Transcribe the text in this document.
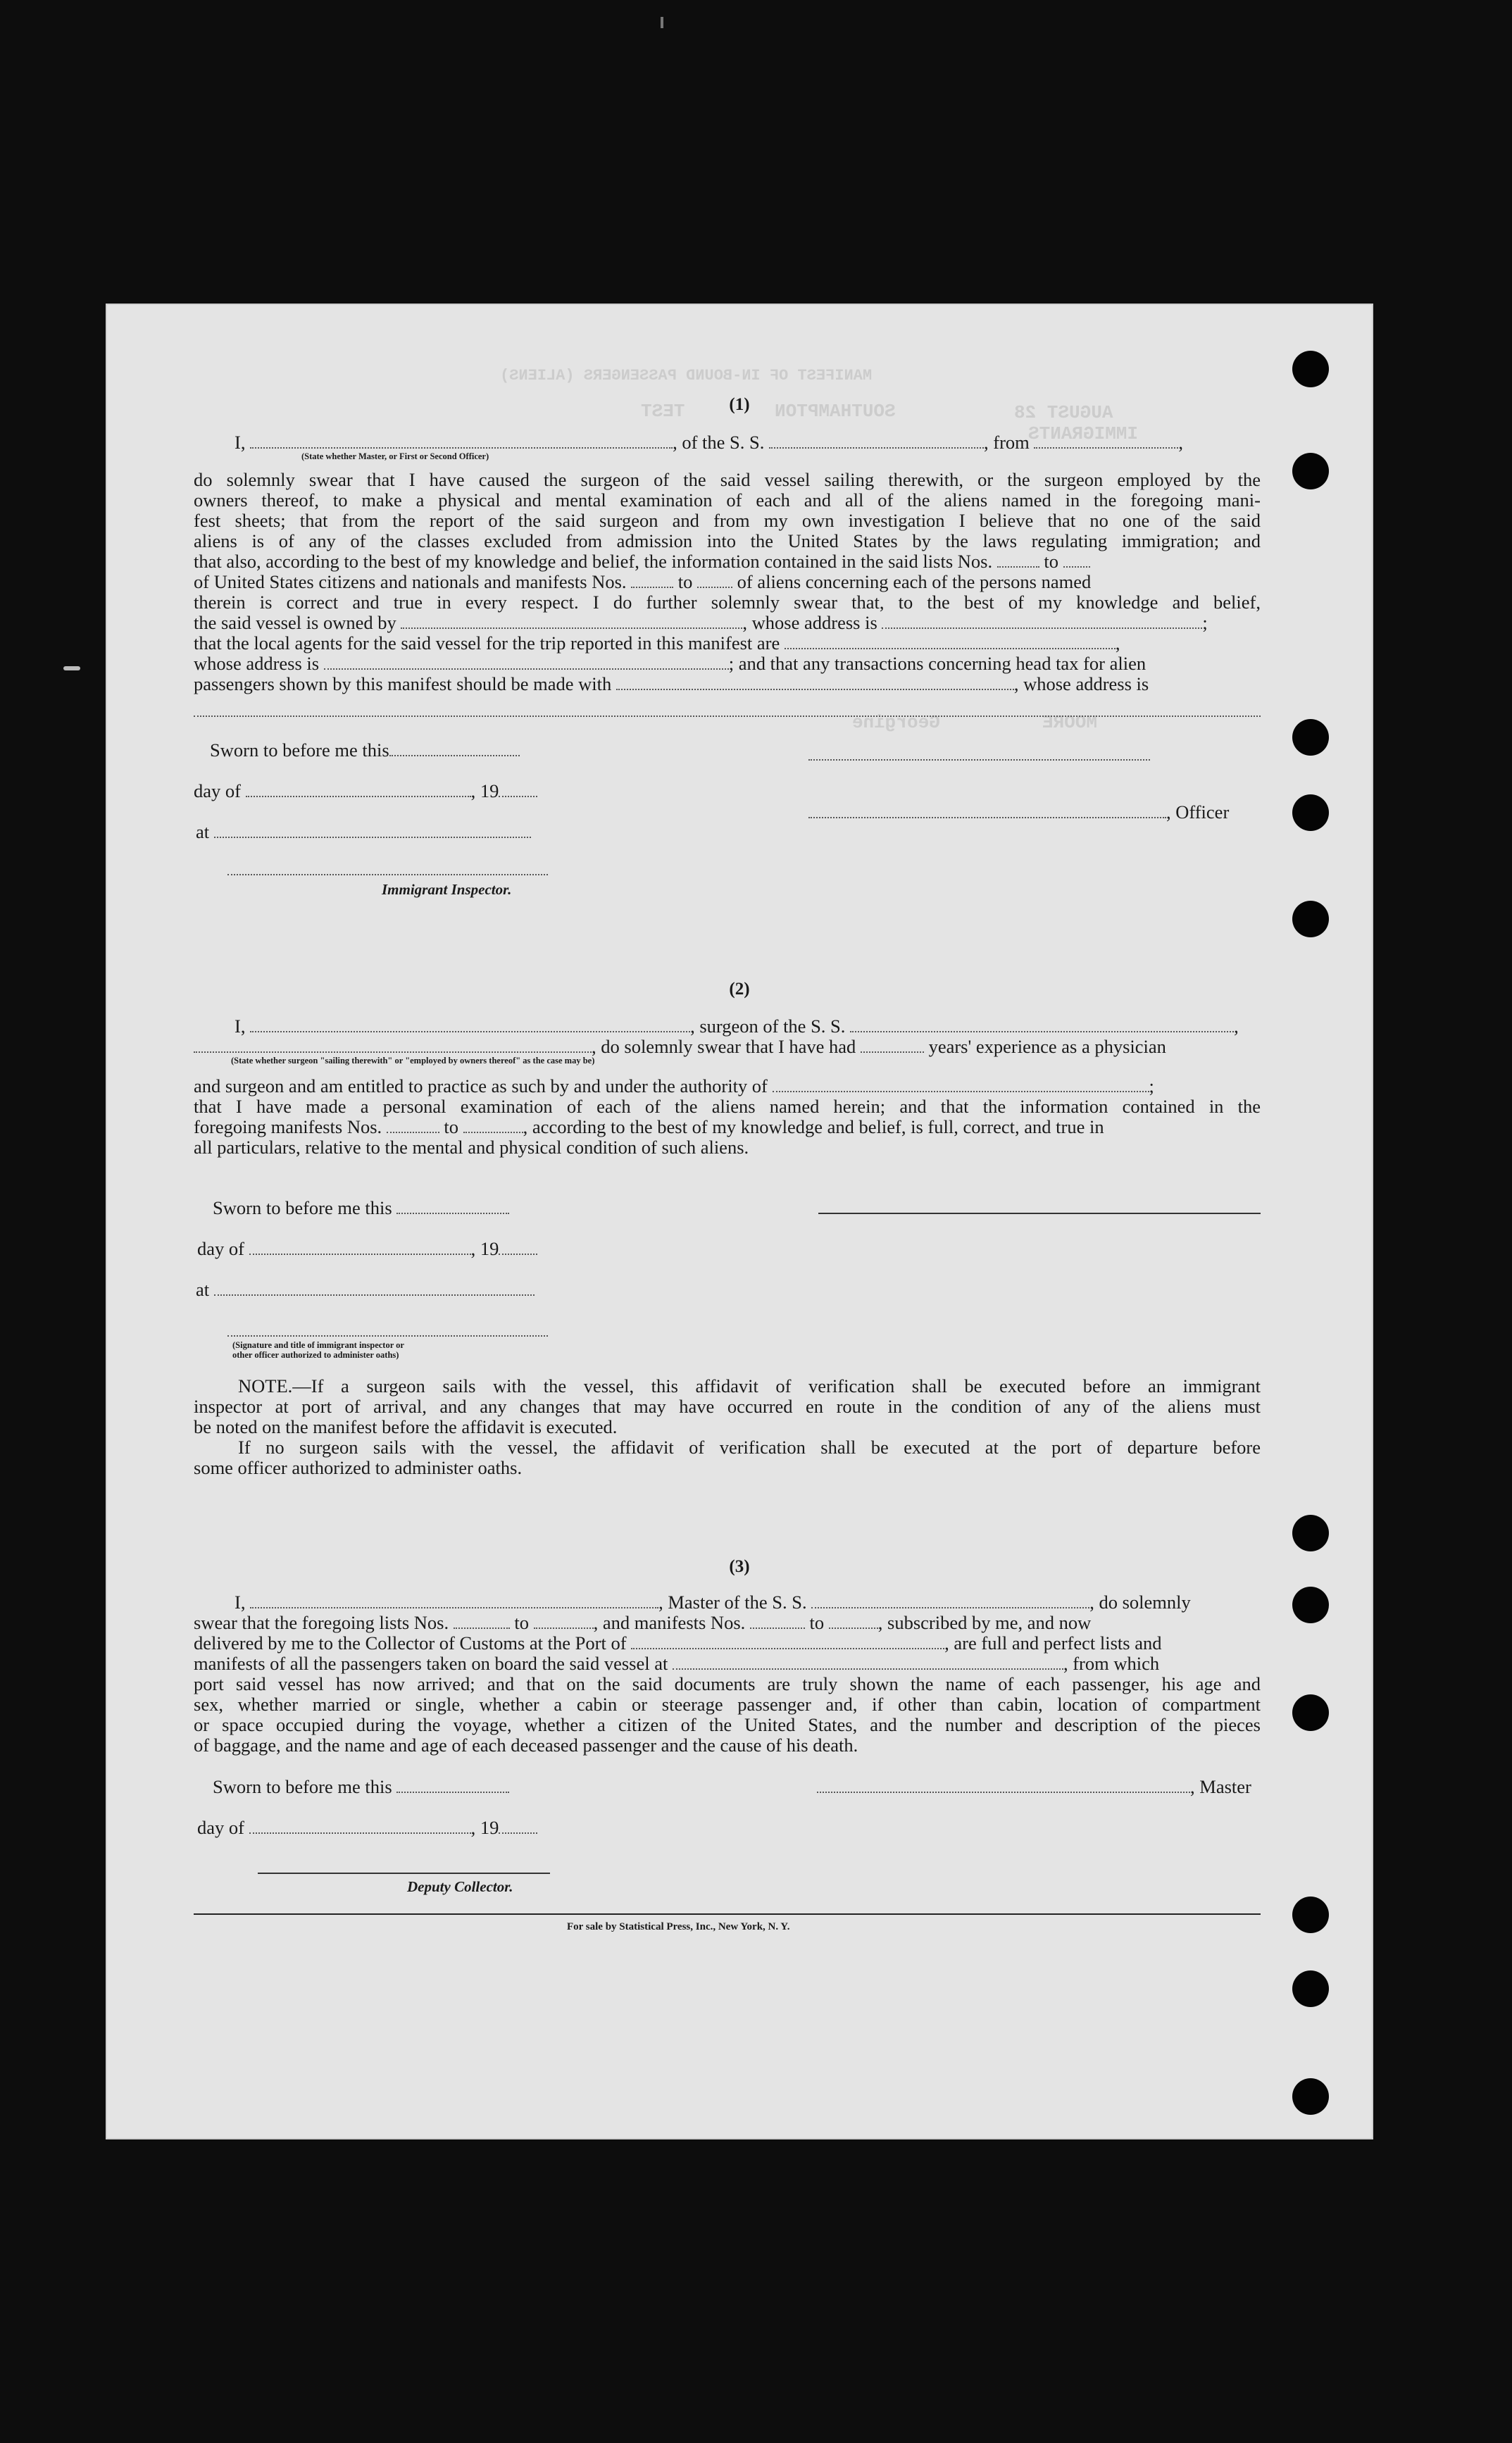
MANIFEST OF IN-BOUND PASSENGERS (ALIENS)
TEST	SOUTHAMPTON	AUGUST 28
IMMIGRANTS
MOORE
Georgine
(1)
I,	, of the S. S.	, from	,
(State whether Master, or First or Second Officer)
do solemnly swear that I have caused the surgeon of the said vessel sailing therewith, or the surgeon employed by the
owners thereof, to make a physical and mental examination of each and all of the aliens named in the foregoing mani-
fest sheets; that from the report of the said surgeon and from my own investigation I believe that no one of the said
aliens is of any of the classes excluded from admission into the United States by the laws regulating immigration; and
that also, according to the best of my knowledge and belief, the information contained in the said lists Nos.	to
of United States citizens and nationals and manifests Nos.	to of aliens concerning each of the persons named
therein is correct and true in every respect. I do further solemnly swear that, to the best of my knowledge and belief,
the said vessel is owned by	, whose address is	;
that the local agents for the said vessel for the trip reported in this manifest are	,
whose address is	; and that any transactions concerning head tax for alien
passengers shown by this manifest should be made with	, whose address is
Sworn to before me this
day of	, 19
, Officer
at
Immigrant Inspector.
(2)
I,	, surgeon of the S. S.	,
, do solemnly swear that I have had	years' experience as a physician
(State whether surgeon "sailing therewith" or "employed by owners thereof" as the case may be)
and surgeon and am entitled to practice as such by and under the authority of	;
that I have made a personal examination of each of the aliens named herein; and that the information contained in the
foregoing manifests Nos.	to	, according to the best of my knowledge and belief, is full, correct, and true in
all particulars, relative to the mental and physical condition of such aliens.
Sworn to before me this
day of	, 19
at
(Signature and title of immigrant inspector or
other officer authorized to administer oaths)
NOTE.—If a surgeon sails with the vessel, this affidavit of verification shall be executed before an immigrant
inspector at port of arrival, and any changes that may have occurred en route in the condition of any of the aliens must
be noted on the manifest before the affidavit is executed.
If no surgeon sails with the vessel, the affidavit of verification shall be executed at the port of departure before
some officer authorized to administer oaths.
(3)
I,	, Master of the S. S.	, do solemnly
swear that the foregoing lists Nos.	to	, and manifests Nos.	to	, subscribed by me, and now
delivered by me to the Collector of Customs at the Port of	, are full and perfect lists and
manifests of all the passengers taken on board the said vessel at	, from which
port said vessel has now arrived; and that on the said documents are truly shown the name of each passenger, his age and
sex, whether married or single, whether a cabin or steerage passenger and, if other than cabin, location of compartment
or space occupied during the voyage, whether a citizen of the United States, and the number and description of the pieces
of baggage, and the name and age of each deceased passenger and the cause of his death.
Sworn to before me this	, Master
day of	, 19
Deputy Collector.
For sale by Statistical Press, Inc., New York, N. Y.
